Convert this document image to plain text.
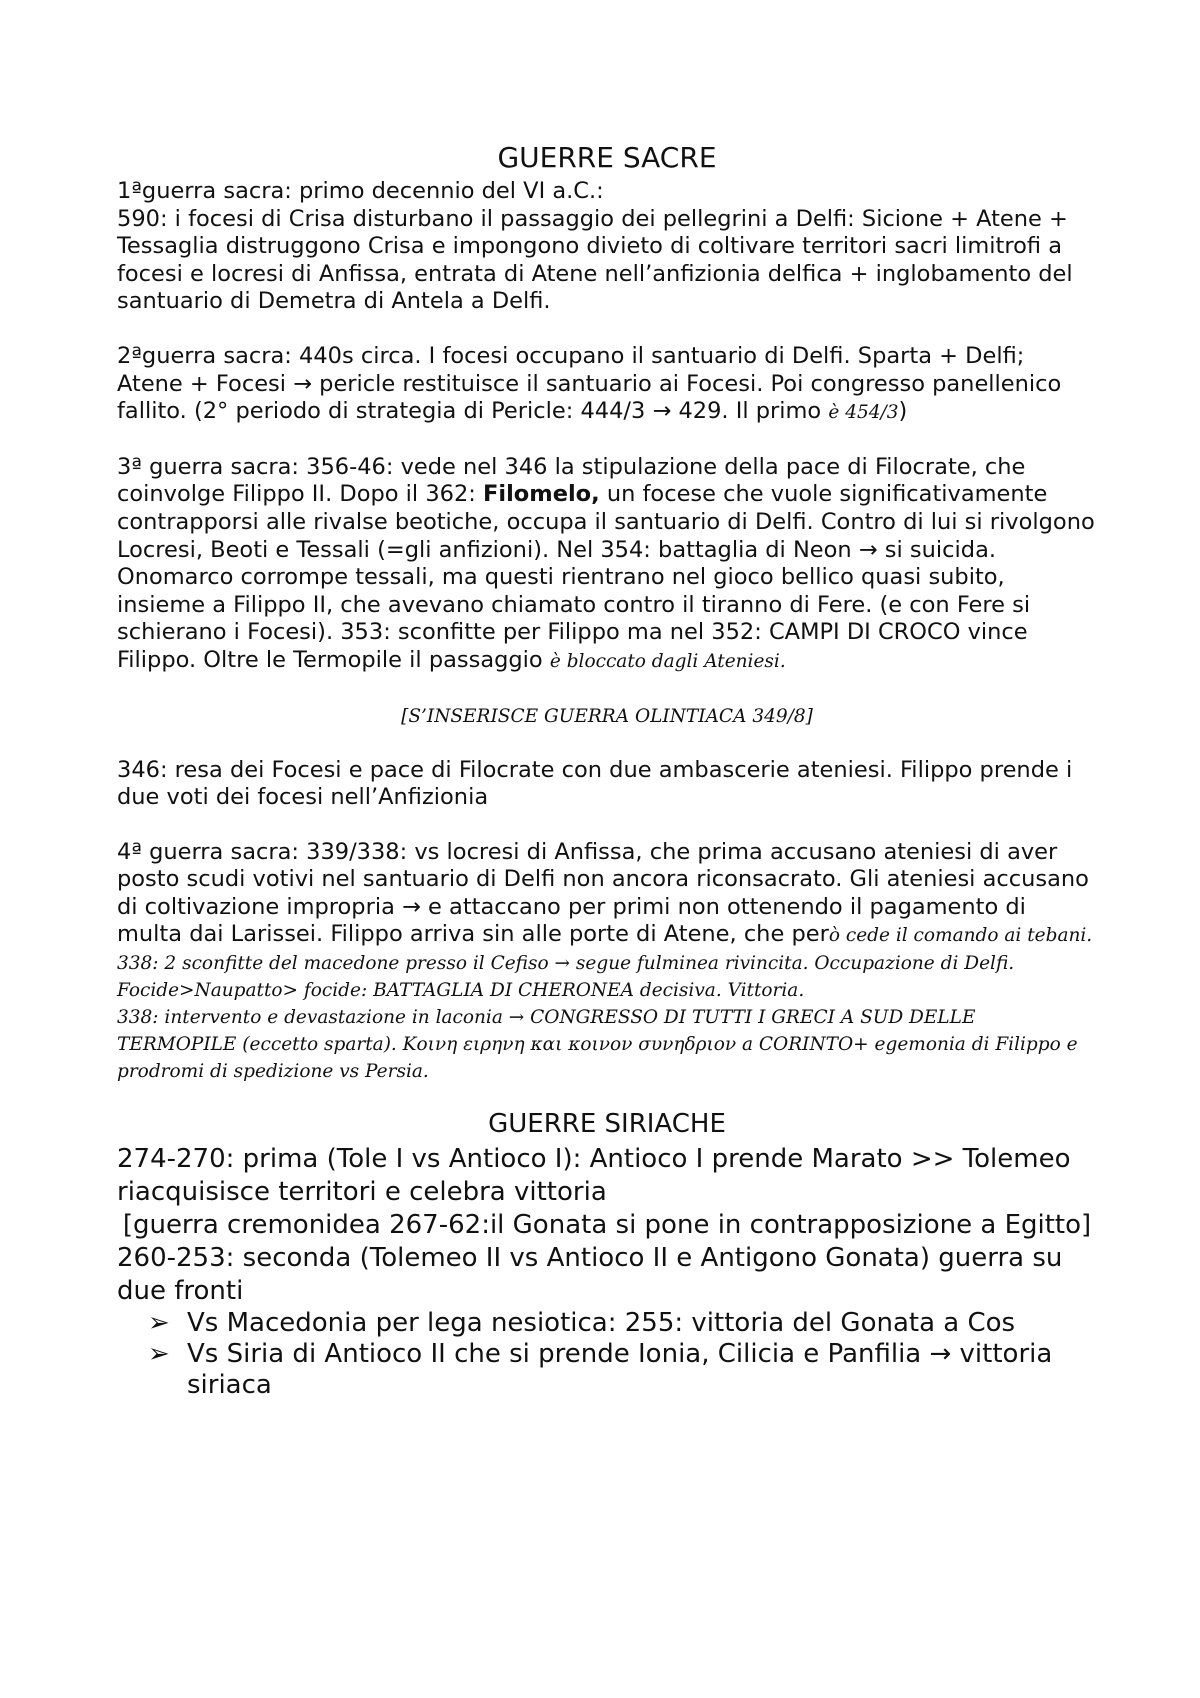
GUERRE SACRE

1ªguerra sacra: primo decennio del VI a.C.:

590: i focesi di Crisa disturbano il passaggio dei pellegrini a Delfi: Sicione + Atene + Tessaglia distruggono Crisa e impongono divieto di coltivare territori sacri limitrofi a focesi e locresi di Anfissa, entrata di Atene nell’anfizionia delfica + inglobamento del santuario di Demetra di Antela a Delfi.

2ªguerra sacra: 440s circa. I focesi occupano il santuario di Delfi. Sparta + Delfi; Atene + Focesi → pericle restituisce il santuario ai Focesi. Poi congresso panellenico fallito. (2° periodo di strategia di Pericle: 444/3 → 429. Il primo è 454/3)

3ª guerra sacra: 356-46: vede nel 346 la stipulazione della pace di Filocrate, che coinvolge Filippo II. Dopo il 362: Filomelo, un focese che vuole significativamente contrapporsi alle rivalse beotiche, occupa il santuario di Delfi. Contro di lui si rivolgono Locresi, Beoti e Tessali (=gli anfizioni). Nel 354: battaglia di Neon → si suicida. Onomarco corrompe tessali, ma questi rientrano nel gioco bellico quasi subito, insieme a Filippo II, che avevano chiamato contro il tiranno di Fere. (e con Fere si schierano i Focesi). 353: sconfitte per Filippo ma nel 352: CAMPI DI CROCO vince Filippo. Oltre le Termopile il passaggio è bloccato dagli Ateniesi.

[S’INSERISCE GUERRA OLINTIACA 349/8]

346: resa dei Focesi e pace di Filocrate con due ambascerie ateniesi. Filippo prende i due voti dei focesi nell’Anfizionia

4ª guerra sacra: 339/338: vs locresi di Anfissa, che prima accusano ateniesi di aver posto scudi votivi nel santuario di Delfi non ancora riconsacrato. Gli ateniesi accusano di coltivazione impropria → e attaccano per primi non ottenendo il pagamento di multa dai Larissei. Filippo arriva sin alle porte di Atene, che però cede il comando ai tebani.

338: 2 sconfitte del macedone presso il Cefiso → segue fulminea rivincita. Occupazione di Delfi. Focide>Naupatto> focide: BATTAGLIA DI CHERONEA decisiva. Vittoria.

338: intervento e devastazione in laconia → CONGRESSO DI TUTTI I GRECI A SUD DELLE TERMOPILE (eccetto sparta). Κοινη ειρηνη και κοινον συνηδριον a CORINTO+ egemonia di Filippo e prodromi di spedizione vs Persia.

GUERRE SIRIACHE

274-270: prima (Tole I vs Antioco I): Antioco I prende Marato >> Tolemeo riacquisisce territori e celebra vittoria

[guerra cremonidea 267-62:il Gonata si pone in contrapposizione a Egitto]

260-253: seconda (Tolemeo II vs Antioco II e Antigono Gonata) guerra su due fronti

➢ Vs Macedonia per lega nesiotica: 255: vittoria del Gonata a Cos
➢ Vs Siria di Antioco II che si prende Ionia, Cilicia e Panfilia → vittoria siriaca
